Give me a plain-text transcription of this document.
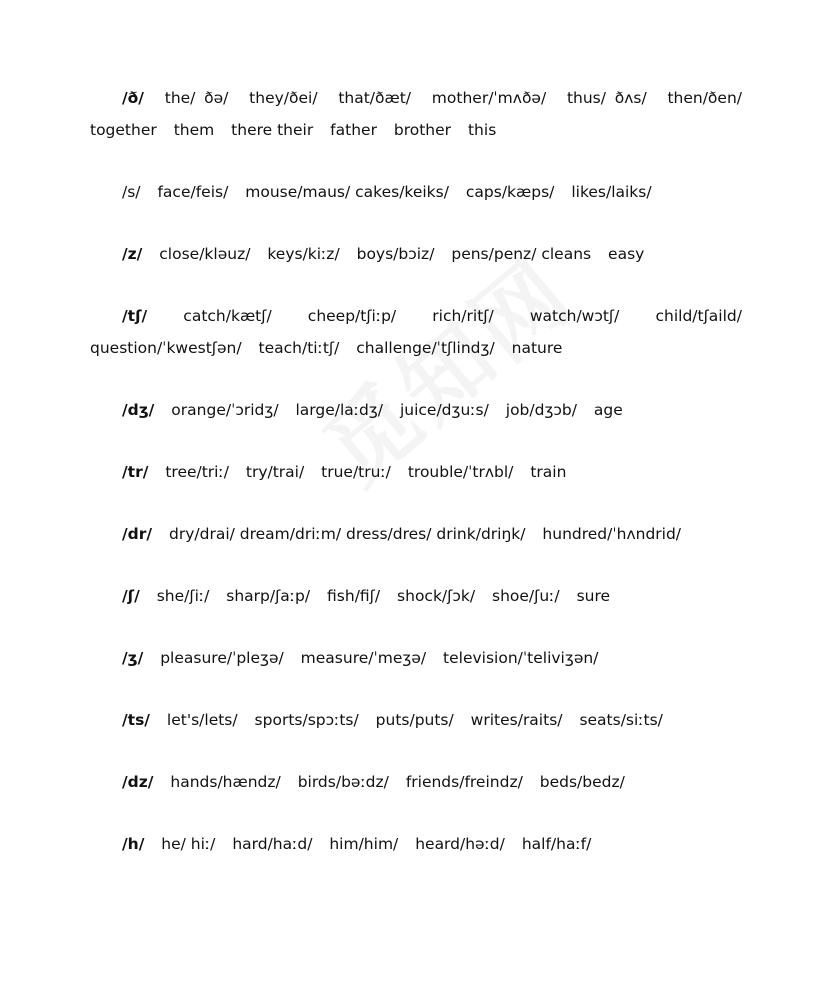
/ð/ the/ ðə/ they/ðei/ that/ðæt/ mother/ˈmʌðə/ thus/ ðʌs/ then/ðen/
together them there their father brother this
/s/ face/feis/ mouse/maus/ cakes/keiks/ caps/kæps/ likes/laiks/
/z/ close/kləuz/ keys/kiːz/ boys/bɔiz/ pens/penz/ cleans easy
/tʃ/ catch/kætʃ/ cheep/tʃiːp/ rich/ritʃ/ watch/wɔtʃ/ child/tʃaild/
question/ˈkwestʃən/ teach/tiːtʃ/ challenge/ˈtʃlindʒ/ nature
/dʒ/ orange/ˈɔridʒ/ large/laːdʒ/ juice/dʒuːs/ job/dʒɔb/ age
/tr/ tree/triː/ try/trai/ true/truː/ trouble/ˈtrʌbl/ train
/dr/ dry/drai/ dream/driːm/ dress/dres/ drink/driŋk/ hundred/ˈhʌndrid/
/ʃ/ she/ʃiː/ sharp/ʃaːp/ fish/fiʃ/ shock/ʃɔk/ shoe/ʃuː/ sure
/ʒ/ pleasure/ˈpleʒə/ measure/ˈmeʒə/ television/ˈteliviʒən/
/ts/ let's/lets/ sports/spɔːts/ puts/puts/ writes/raits/ seats/siːts/
/dz/ hands/hændz/ birds/bəːdz/ friends/freindz/ beds/bedz/
/h/ he/ hiː/ hard/haːd/ him/him/ heard/həːd/ half/haːf/
